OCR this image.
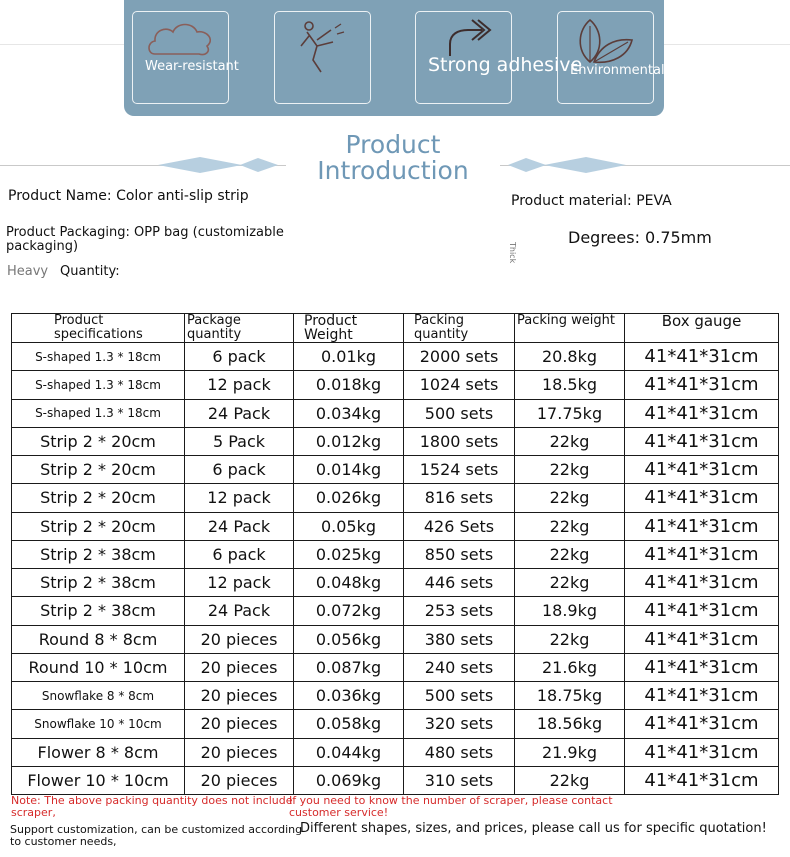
Wear-resistant	Strong adhesive
Environmental protection
Product Introduction
Product Name: Color anti-slip strip	Product material: PEVA
Product Packaging: OPP bag (customizable packaging)	Thick
Degrees: 0.75mm
Heavy Quantity:
Product specifications	Package quantity	Product Weight	Packing quantity	Packing weight	Box gauge
S-shaped 1.3 * 18cm	6 pack	0.01kg	2000 sets	20.8kg	41*41*31cm
S-shaped 1.3 * 18cm	12 pack	0.018kg	1024 sets	18.5kg	41*41*31cm
S-shaped 1.3 * 18cm	24 Pack	0.034kg	500 sets	17.75kg	41*41*31cm
Strip 2 * 20cm	5 Pack	0.012kg	1800 sets	22kg	41*41*31cm
Strip 2 * 20cm	6 pack	0.014kg	1524 sets	22kg	41*41*31cm
Strip 2 * 20cm	12 pack	0.026kg	816 sets	22kg	41*41*31cm
Strip 2 * 20cm	24 Pack	0.05kg	426 Sets	22kg	41*41*31cm
Strip 2 * 38cm	6 pack	0.025kg	850 sets	22kg	41*41*31cm
Strip 2 * 38cm	12 pack	0.048kg	446 sets	22kg	41*41*31cm
Strip 2 * 38cm	24 Pack	0.072kg	253 sets	18.9kg	41*41*31cm
Round 8 * 8cm	20 pieces	0.056kg	380 sets	22kg	41*41*31cm
Round 10 * 10cm	20 pieces	0.087kg	240 sets	21.6kg	41*41*31cm
Snowflake 8 * 8cm	20 pieces	0.036kg	500 sets	18.75kg	41*41*31cm
Snowflake 10 * 10cm	20 pieces	0.058kg	320 sets	18.56kg	41*41*31cm
Flower 8 * 8cm	20 pieces	0.044kg	480 sets	21.9kg	41*41*31cm
Flower 10 * 10cm	20 pieces	0.069kg	310 sets	22kg	41*41*31cm
Note: The above packing quantity does not include scraper,
If you need to know the number of scraper, please contact customer service!
Support customization, can be customized according to customer needs,
Different shapes, sizes, and prices, please call us for specific quotation!
